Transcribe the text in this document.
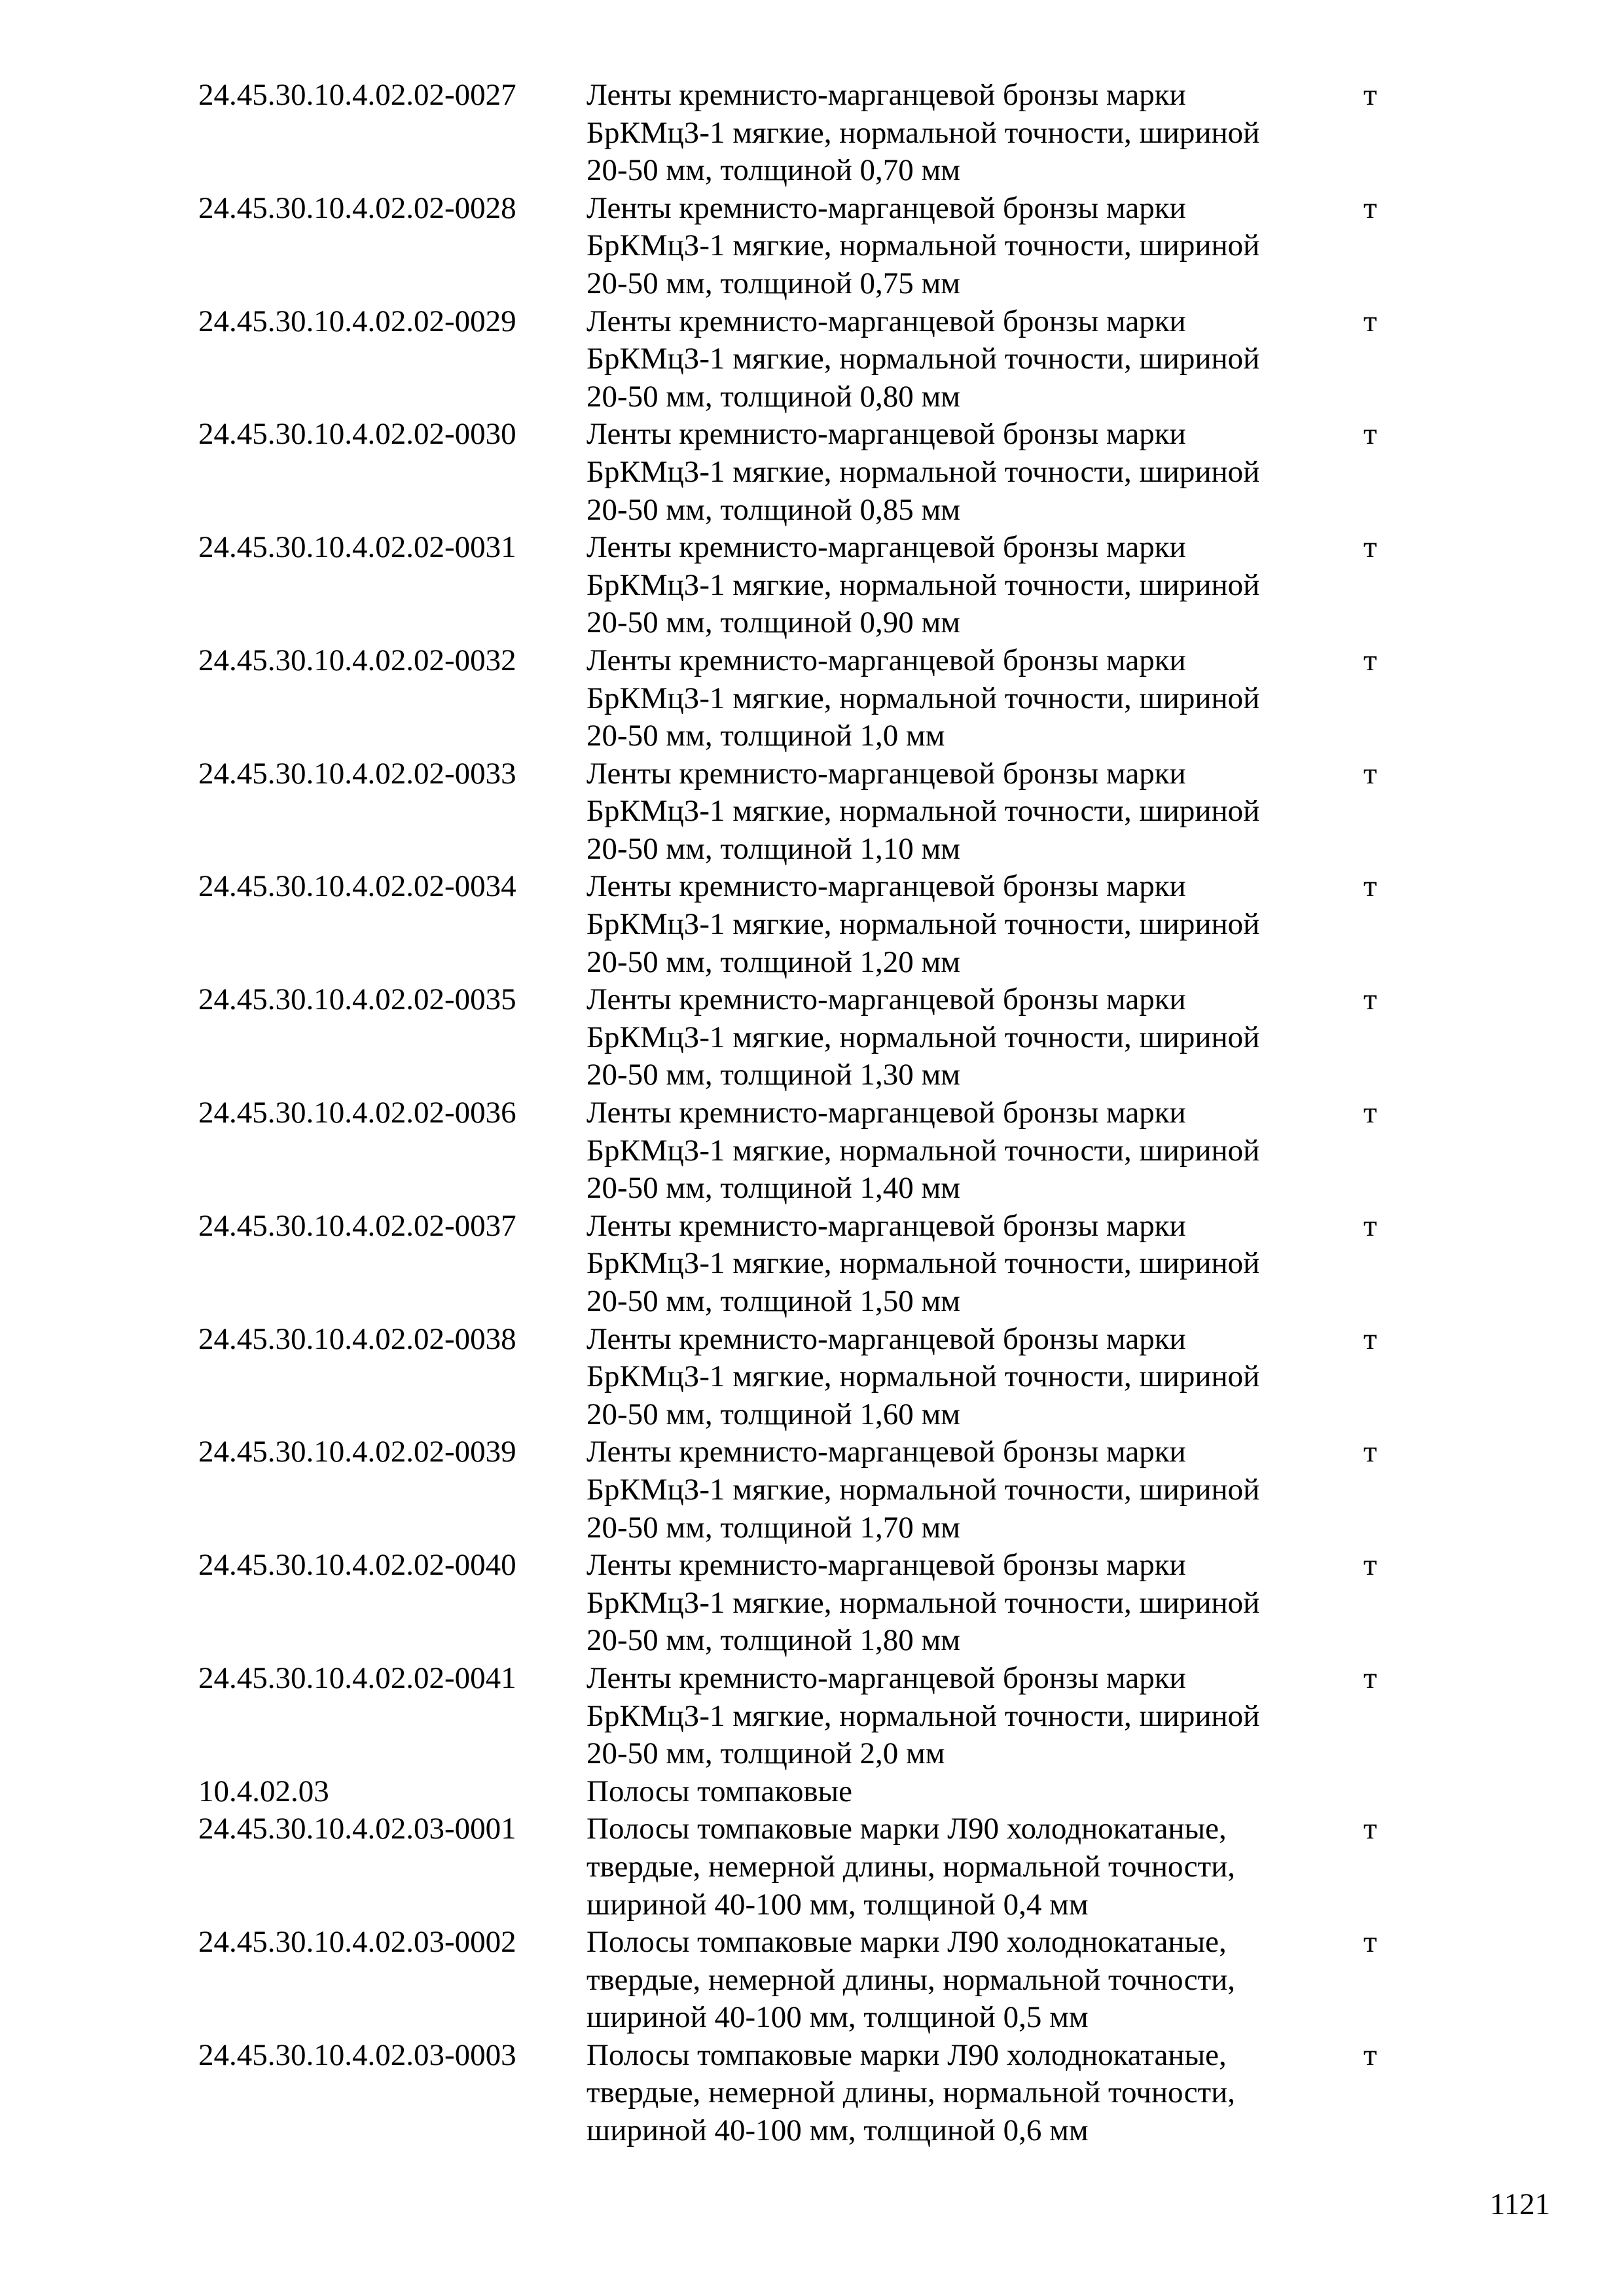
24.45.30.10.4.02.02-0027 Ленты кремнисто-марганцевой бронзы марки
БрКМцЗ-1 мягкие, нормальной точности, шириной
20-50 мм, толщиной 0,70 мм
т
24.45.30.10.4.02.02-0028 Ленты кремнисто-марганцевой бронзы марки
БрКМцЗ-1 мягкие, нормальной точности, шириной
20-50 мм, толщиной 0,75 мм
т
24.45.30.10.4.02.02-0029 Ленты кремнисто-марганцевой бронзы марки
БрКМцЗ-1 мягкие, нормальной точности, шириной
20-50 мм, толщиной 0,80 мм
т
24.45.30.10.4.02.02-0030 Ленты кремнисто-марганцевой бронзы марки
БрКМцЗ-1 мягкие, нормальной точности, шириной
20-50 мм, толщиной 0,85 мм
т
24.45.30.10.4.02.02-0031 Ленты кремнисто-марганцевой бронзы марки
БрКМцЗ-1 мягкие, нормальной точности, шириной
20-50 мм, толщиной 0,90 мм
т
24.45.30.10.4.02.02-0032 Ленты кремнисто-марганцевой бронзы марки
БрКМцЗ-1 мягкие, нормальной точности, шириной
20-50 мм, толщиной 1,0 мм
т
24.45.30.10.4.02.02-0033 Ленты кремнисто-марганцевой бронзы марки
БрКМцЗ-1 мягкие, нормальной точности, шириной
20-50 мм, толщиной 1,10 мм
т
24.45.30.10.4.02.02-0034 Ленты кремнисто-марганцевой бронзы марки
БрКМцЗ-1 мягкие, нормальной точности, шириной
20-50 мм, толщиной 1,20 мм
т
24.45.30.10.4.02.02-0035 Ленты кремнисто-марганцевой бронзы марки
БрКМцЗ-1 мягкие, нормальной точности, шириной
20-50 мм, толщиной 1,30 мм
т
24.45.30.10.4.02.02-0036 Ленты кремнисто-марганцевой бронзы марки
БрКМцЗ-1 мягкие, нормальной точности, шириной
20-50 мм, толщиной 1,40 мм
т
24.45.30.10.4.02.02-0037 Ленты кремнисто-марганцевой бронзы марки
БрКМцЗ-1 мягкие, нормальной точности, шириной
20-50 мм, толщиной 1,50 мм
т
24.45.30.10.4.02.02-0038 Ленты кремнисто-марганцевой бронзы марки
БрКМцЗ-1 мягкие, нормальной точности, шириной
20-50 мм, толщиной 1,60 мм
т
24.45.30.10.4.02.02-0039 Ленты кремнисто-марганцевой бронзы марки
БрКМцЗ-1 мягкие, нормальной точности, шириной
20-50 мм, толщиной 1,70 мм
т
24.45.30.10.4.02.02-0040 Ленты кремнисто-марганцевой бронзы марки
БрКМцЗ-1 мягкие, нормальной точности, шириной
20-50 мм, толщиной 1,80 мм
т
24.45.30.10.4.02.02-0041 Ленты кремнисто-марганцевой бронзы марки
БрКМцЗ-1 мягкие, нормальной точности, шириной
20-50 мм, толщиной 2,0 мм
т
10.4.02.03	Полосы томпаковые
24.45.30.10.4.02.03-0001 Полосы томпаковые марки Л90 холоднокатаные,
твердые, немерной длины, нормальной точности,
шириной 40-100 мм, толщиной 0,4 мм
т
24.45.30.10.4.02.03-0002 Полосы томпаковые марки Л90 холоднокатаные,
твердые, немерной длины, нормальной точности,
шириной 40-100 мм, толщиной 0,5 мм
т
24.45.30.10.4.02.03-0003 Полосы томпаковые марки Л90 холоднокатаные,
твердые, немерной длины, нормальной точности,
шириной 40-100 мм, толщиной 0,6 мм
т
1121
